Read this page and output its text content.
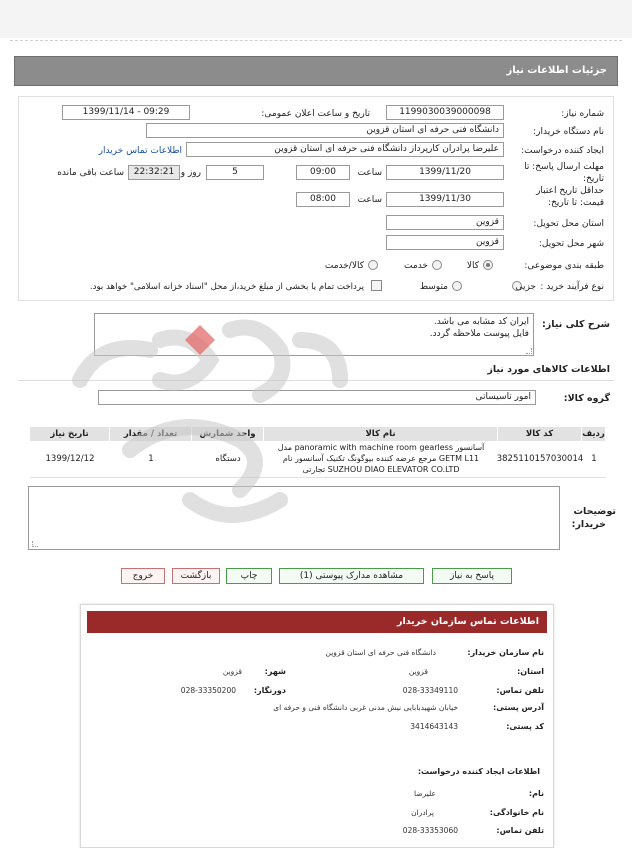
جزئیات اطلاعات نیاز
شماره نیاز:
1199030039000098
تاریخ و ساعت اعلان عمومی:
1399/11/14 - 09:29
نام دستگاه خریدار:
دانشگاه فنی حرفه ای استان قزوین
ایجاد کننده درخواست:
علیرضا پرادران کارپرداز دانشگاه فنی حرفه ای استان قزوین
اطلاعات تماس خریدار
مهلت ارسال پاسخ: تا
تاریخ:
1399/11/20
ساعت
09:00
5
روز و
22:32:21
ساعت باقی مانده
حداقل تاریخ اعتبار
قیمت: تا تاریخ:
1399/11/30
ساعت
08:00
استان محل تحویل:
قزوین
شهر محل تحویل:
قزوین
طبقه بندی موضوعی:
کالا
خدمت
کالا/خدمت
نوع فرآیند خرید :
جزیی
متوسط
پرداخت تمام یا بخشی از مبلغ خرید،از محل "اسناد خزانه اسلامی" خواهد بود.
شرح کلی نیاز:
ایران کد مشابه می باشد.
فایل پیوست ملاحظه گردد.
اطلاعات کالاهای مورد نیاز
گروه کالا:
امور تاسیساتی
ردیف
کد کالا
نام کالا
واحد شمارش
تعداد / مقدار
تاریخ نیاز
1
3825110157030014
آسانسور panoramic with machine room gearless مدل
GETM L11 مرجع عرضه کننده بیوگونگ تکنیک آسانسور نام
SUZHOU DIAO ELEVATOR CO.LTD تجارتی
دستگاه
1
1399/12/12
توضیحات
خریدار:
پاسخ به نیاز
مشاهده مدارک پیوستی (1)
چاپ
بازگشت
خروج
اطلاعات تماس سازمان خریدار
نام سازمان خریدار:
دانشگاه فنی حرفه ای استان قزوین
استان:
قزوین
شهر:
قزوین
تلفن تماس:
028-33349110
دورنگار:
028-33350200
آدرس پستی:
خیابان شهیدبابایی نیش مدنی غربی دانشگاه فنی و حرفه ای
کد پستی:
3414643143
اطلاعات ایجاد کننده درخواست:
نام:
علیرضا
نام خانوادگی:
پرادران
تلفن تماس:
028-33353060
